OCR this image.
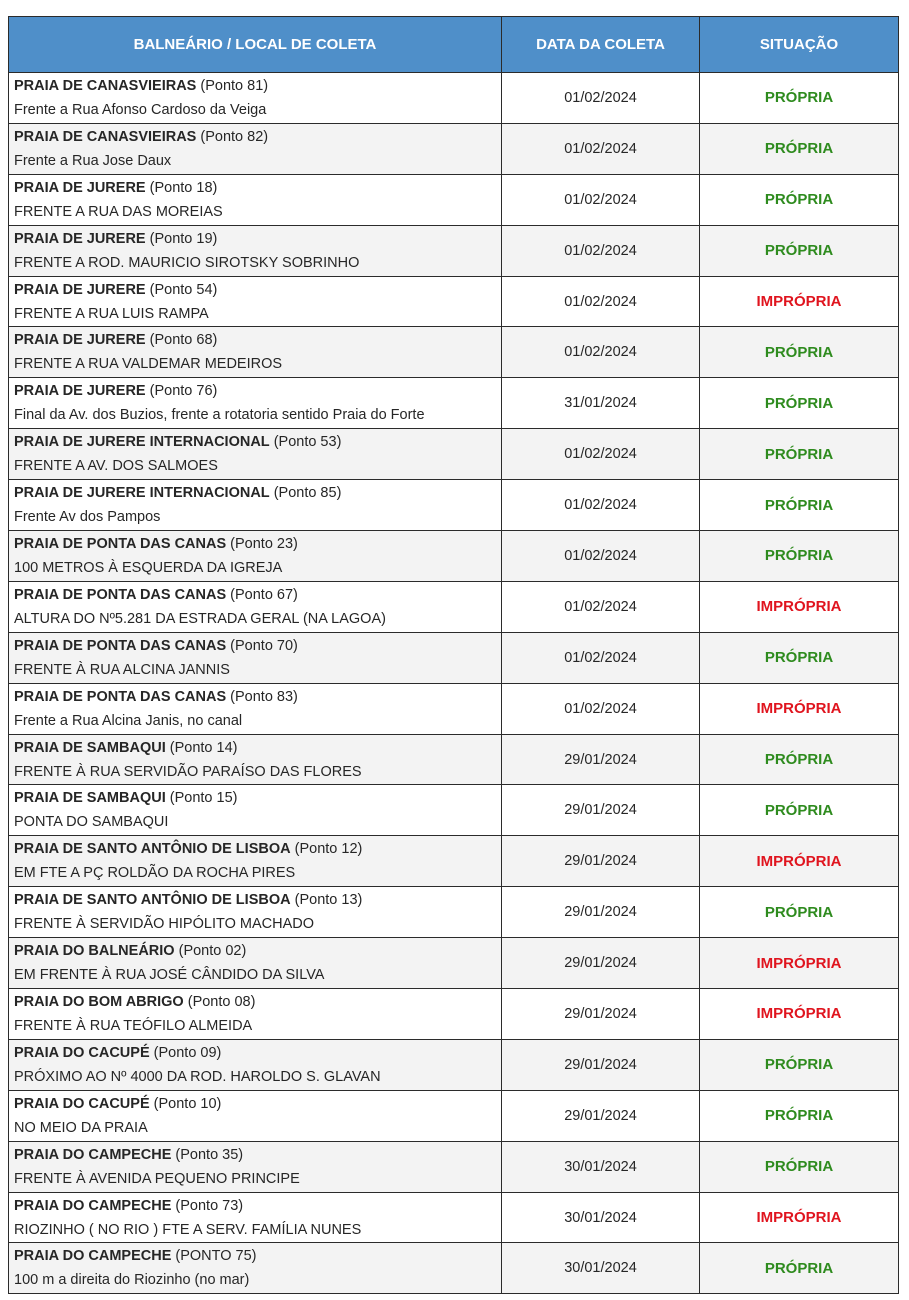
BALNEÁRIO / LOCAL DE COLETA	DATA DA COLETA	SITUAÇÃO
PRAIA DE CANASVIEIRAS (Ponto 81)
Frente a Rua Afonso Cardoso da Veiga	01/02/2024	PRÓPRIA
PRAIA DE CANASVIEIRAS (Ponto 82)
Frente a Rua Jose Daux	01/02/2024	PRÓPRIA
PRAIA DE JURERE (Ponto 18)
FRENTE A RUA DAS MOREIAS	01/02/2024	PRÓPRIA
PRAIA DE JURERE (Ponto 19)
FRENTE A ROD. MAURICIO SIROTSKY SOBRINHO	01/02/2024	PRÓPRIA
PRAIA DE JURERE (Ponto 54)
FRENTE A RUA LUIS RAMPA	01/02/2024	IMPRÓPRIA
PRAIA DE JURERE (Ponto 68)
FRENTE A RUA VALDEMAR MEDEIROS	01/02/2024	PRÓPRIA
PRAIA DE JURERE (Ponto 76)
Final da Av. dos Buzios, frente a rotatoria sentido Praia do Forte	31/01/2024	PRÓPRIA
PRAIA DE JURERE INTERNACIONAL (Ponto 53)
FRENTE A AV. DOS SALMOES	01/02/2024	PRÓPRIA
PRAIA DE JURERE INTERNACIONAL (Ponto 85)
Frente Av dos Pampos	01/02/2024	PRÓPRIA
PRAIA DE PONTA DAS CANAS (Ponto 23)
100 METROS À ESQUERDA DA IGREJA	01/02/2024	PRÓPRIA
PRAIA DE PONTA DAS CANAS (Ponto 67)
ALTURA DO Nº5.281 DA ESTRADA GERAL (NA LAGOA)	01/02/2024	IMPRÓPRIA
PRAIA DE PONTA DAS CANAS (Ponto 70)
FRENTE À RUA ALCINA JANNIS	01/02/2024	PRÓPRIA
PRAIA DE PONTA DAS CANAS (Ponto 83)
Frente a Rua Alcina Janis, no canal	01/02/2024	IMPRÓPRIA
PRAIA DE SAMBAQUI (Ponto 14)
FRENTE À RUA SERVIDÃO PARAÍSO DAS FLORES	29/01/2024	PRÓPRIA
PRAIA DE SAMBAQUI (Ponto 15)
PONTA DO SAMBAQUI	29/01/2024	PRÓPRIA
PRAIA DE SANTO ANTÔNIO DE LISBOA (Ponto 12)
EM FTE A PÇ ROLDÃO DA ROCHA PIRES	29/01/2024	IMPRÓPRIA
PRAIA DE SANTO ANTÔNIO DE LISBOA (Ponto 13)
FRENTE À SERVIDÃO HIPÓLITO MACHADO	29/01/2024	PRÓPRIA
PRAIA DO BALNEÁRIO (Ponto 02)
EM FRENTE À RUA JOSÉ CÂNDIDO DA SILVA	29/01/2024	IMPRÓPRIA
PRAIA DO BOM ABRIGO (Ponto 08)
FRENTE À RUA TEÓFILO ALMEIDA	29/01/2024	IMPRÓPRIA
PRAIA DO CACUPÉ (Ponto 09)
PRÓXIMO AO Nº 4000 DA ROD. HAROLDO S. GLAVAN	29/01/2024	PRÓPRIA
PRAIA DO CACUPÉ (Ponto 10)
NO MEIO DA PRAIA	29/01/2024	PRÓPRIA
PRAIA DO CAMPECHE (Ponto 35)
FRENTE À AVENIDA PEQUENO PRINCIPE	30/01/2024	PRÓPRIA
PRAIA DO CAMPECHE (Ponto 73)
RIOZINHO ( NO RIO ) FTE A SERV. FAMÍLIA NUNES	30/01/2024	IMPRÓPRIA
PRAIA DO CAMPECHE (PONTO 75)
100 m a direita do Riozinho (no mar)	30/01/2024	PRÓPRIA
